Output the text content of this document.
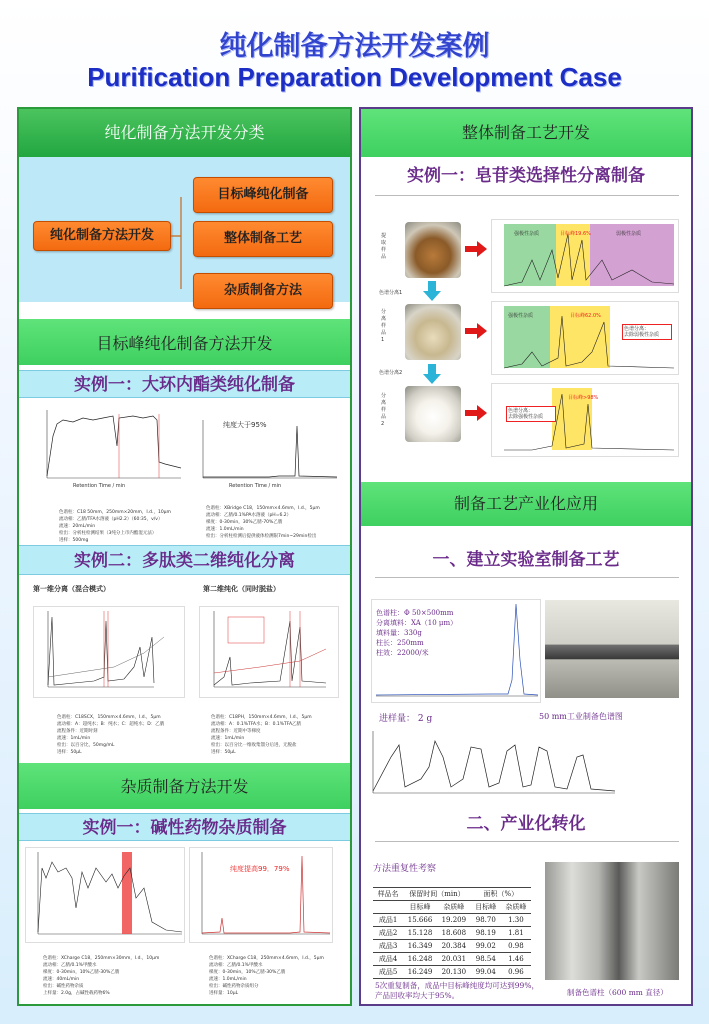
纯化制备方法开发案例
Purification Preparation Development Case
纯化制备方法开发分类
纯化制备方法开发
目标峰纯化制备
整体制备工艺
杂质制备方法
目标峰纯化制备方法开发
实例一：大环内酯类纯化制备
Retention Time / min
纯度大于95%
Retention Time / min
色谱柱：C18 50mm，250mm×20mm，I.d.，10μm
流动相：乙腈/TFA水溶液（pH2.2）（60:35，v/v）
流速：20mL/min
检出：分析柱检测结果（3纯分上市内酯混元法）
进样：500mg
色谱柱：XBridge C18，150mm×4.6mm，I.d.，5μm
流动相：乙腈/0.1%PA水溶液（pH=6.2）
梯度：0-30min，30%乙腈-70%乙腈
流速：1.0mL/min
检出：分析柱检测后提供液体检测限7min~29min检出
实例二：多肽类二维纯化分离
第一维分离（混合模式）	第二维纯化（同时脱盐）
色谱柱：C18SCX，150mm×4.6mm，I.d.，5μm
流动相：A：超纯水；B：纯水；C：超纯水；D：乙腈
流程条件：近期时刻
流速：1mL/min
检出：以百分比，50mg/mL
进样：50μL
色谱柱：C18PH，150mm×4.6mm，I.d.，5μm
流动相：A：0.1%TFA水；B：0.1%TFA乙腈
流程条件：近期中等梯度
流速：1mL/min
检出：以百分比一维收集馏分后进，无脱盐
进样：50μL
杂质制备方法开发
实例一：碱性药物杂质制备
纯度提高99．79%
色谱柱：XCharge C18，250mm×30mm，I.d.，10μm
流动相：乙腈/0.1%甲酸水
梯度：0-30min，10%乙腈-30%乙腈
流速：40mL/min
检出：碱性药物杂质
上样量：2.0g，占碱性载药物6%
色谱柱：XCharge C18，250mm×4.6mm，I.d.，5μm
流动相：乙腈/0.1%甲酸水
梯度：0-30min，10%乙腈-30%乙腈
流速：1.0mL/min
检出：碱性药物杂质组分
进样量：10μL
整体制备工艺开发
实例一：皂苷类选择性分离制备
提取样品
分离样品1
分离样品2
色谱分离1
色谱分离2
强极性杂质	目标峰19.6%	弱极性杂质
强极性杂质	目标峰62.0%
色谱分离：
去除弱极性杂质
目标峰>98%
色谱分离：
去除强极性杂质
制备工艺产业化应用
一、建立实验室制备工艺
色谱柱：Φ 50×500mm
分离填料：XA（10 μm）
填料量：330g
柱长：250mm
柱效：22000/米
进样量： 2 g	50 mm工业制备色谱图
二、产业化转化
方法重复性考察
样品名	保留时间（min）		面积（%）	
	目标峰	杂质峰	目标峰	杂质峰
成品1	15.666	19.209	98.70	1.30
成品2	15.128	18.608	98.19	1.81
成品3	16.349	20.384	99.02	0.98
成品4	16.248	20.031	98.54	1.46
成品5	16.249	20.130	99.04	0.96
5次重复制备，成品中目标峰纯度均可达到99%，
产品回收率均大于95%。	制备色谱柱（600 mm 直径）
